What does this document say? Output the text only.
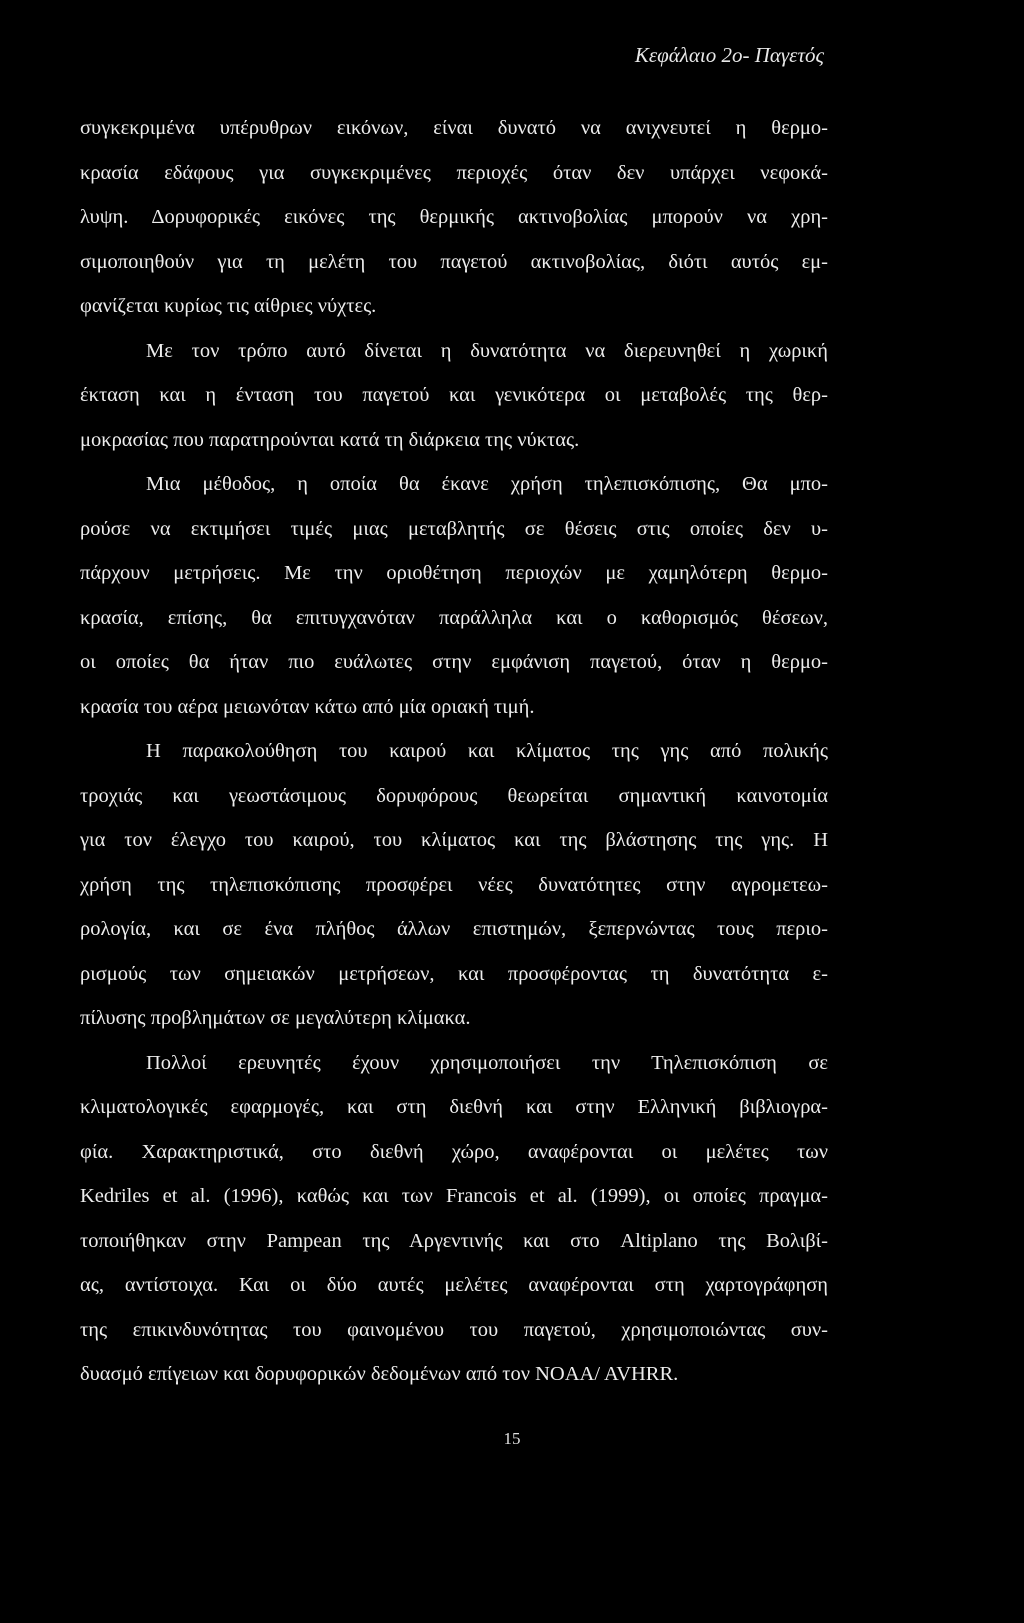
Κεφάλαιο 2ο- Παγετός
συγκεκριμένα υπέρυθρων εικόνων, είναι δυνατό να ανιχνευτεί η θερμο-
κρασία εδάφους για συγκεκριμένες περιοχές όταν δεν υπάρχει νεφοκά-
λυψη. Δορυφορικές εικόνες της θερμικής ακτινοβολίας μπορούν να χρη-
σιμοποιηθούν για τη μελέτη του παγετού ακτινοβολίας, διότι αυτός εμ-
φανίζεται κυρίως τις αίθριες νύχτες.
Με τον τρόπο αυτό δίνεται η δυνατότητα να διερευνηθεί η χωρική
έκταση και η ένταση του παγετού και γενικότερα οι μεταβολές της θερ-
μοκρασίας που παρατηρούνται κατά τη διάρκεια της νύκτας.
Μια μέθοδος, η οποία θα έκανε χρήση τηλεπισκόπισης, Θα μπο-
ρούσε να εκτιμήσει τιμές μιας μεταβλητής σε θέσεις στις οποίες δεν υ-
πάρχουν μετρήσεις. Με την οριοθέτηση περιοχών με χαμηλότερη θερμο-
κρασία, επίσης, θα επιτυγχανόταν παράλληλα και ο καθορισμός θέσεων,
οι οποίες θα ήταν πιο ευάλωτες στην εμφάνιση παγετού, όταν η θερμο-
κρασία του αέρα μειωνόταν κάτω από μία οριακή τιμή.
Η παρακολούθηση του καιρού και κλίματος της γης από πολικής
τροχιάς και γεωστάσιμους δορυφόρους θεωρείται σημαντική καινοτομία
για τον έλεγχο του καιρού, του κλίματος και της βλάστησης της γης. Η
χρήση της τηλεπισκόπισης προσφέρει νέες δυνατότητες στην αγρομετεω-
ρολογία, και σε ένα πλήθος άλλων επιστημών, ξεπερνώντας τους περιο-
ρισμούς των σημειακών μετρήσεων, και προσφέροντας τη δυνατότητα ε-
πίλυσης προβλημάτων σε μεγαλύτερη κλίμακα.
Πολλοί ερευνητές έχουν χρησιμοποιήσει την Τηλεπισκόπιση σε
κλιματολογικές εφαρμογές, και στη διεθνή και στην Ελληνική βιβλιογρα-
φία. Χαρακτηριστικά, στο διεθνή χώρο, αναφέρονται οι μελέτες των
Kedriles et al. (1996), καθώς και των Francois et al. (1999), οι οποίες πραγμα-
τοποιήθηκαν στην Pampean της Αργεντινής και στο Altiplano της Βολιβί-
ας, αντίστοιχα. Και οι δύο αυτές μελέτες αναφέρονται στη χαρτογράφηση
της επικινδυνότητας του φαινομένου του παγετού, χρησιμοποιώντας συν-
δυασμό επίγειων και δορυφορικών δεδομένων από τον NOAA/ AVHRR.
15
